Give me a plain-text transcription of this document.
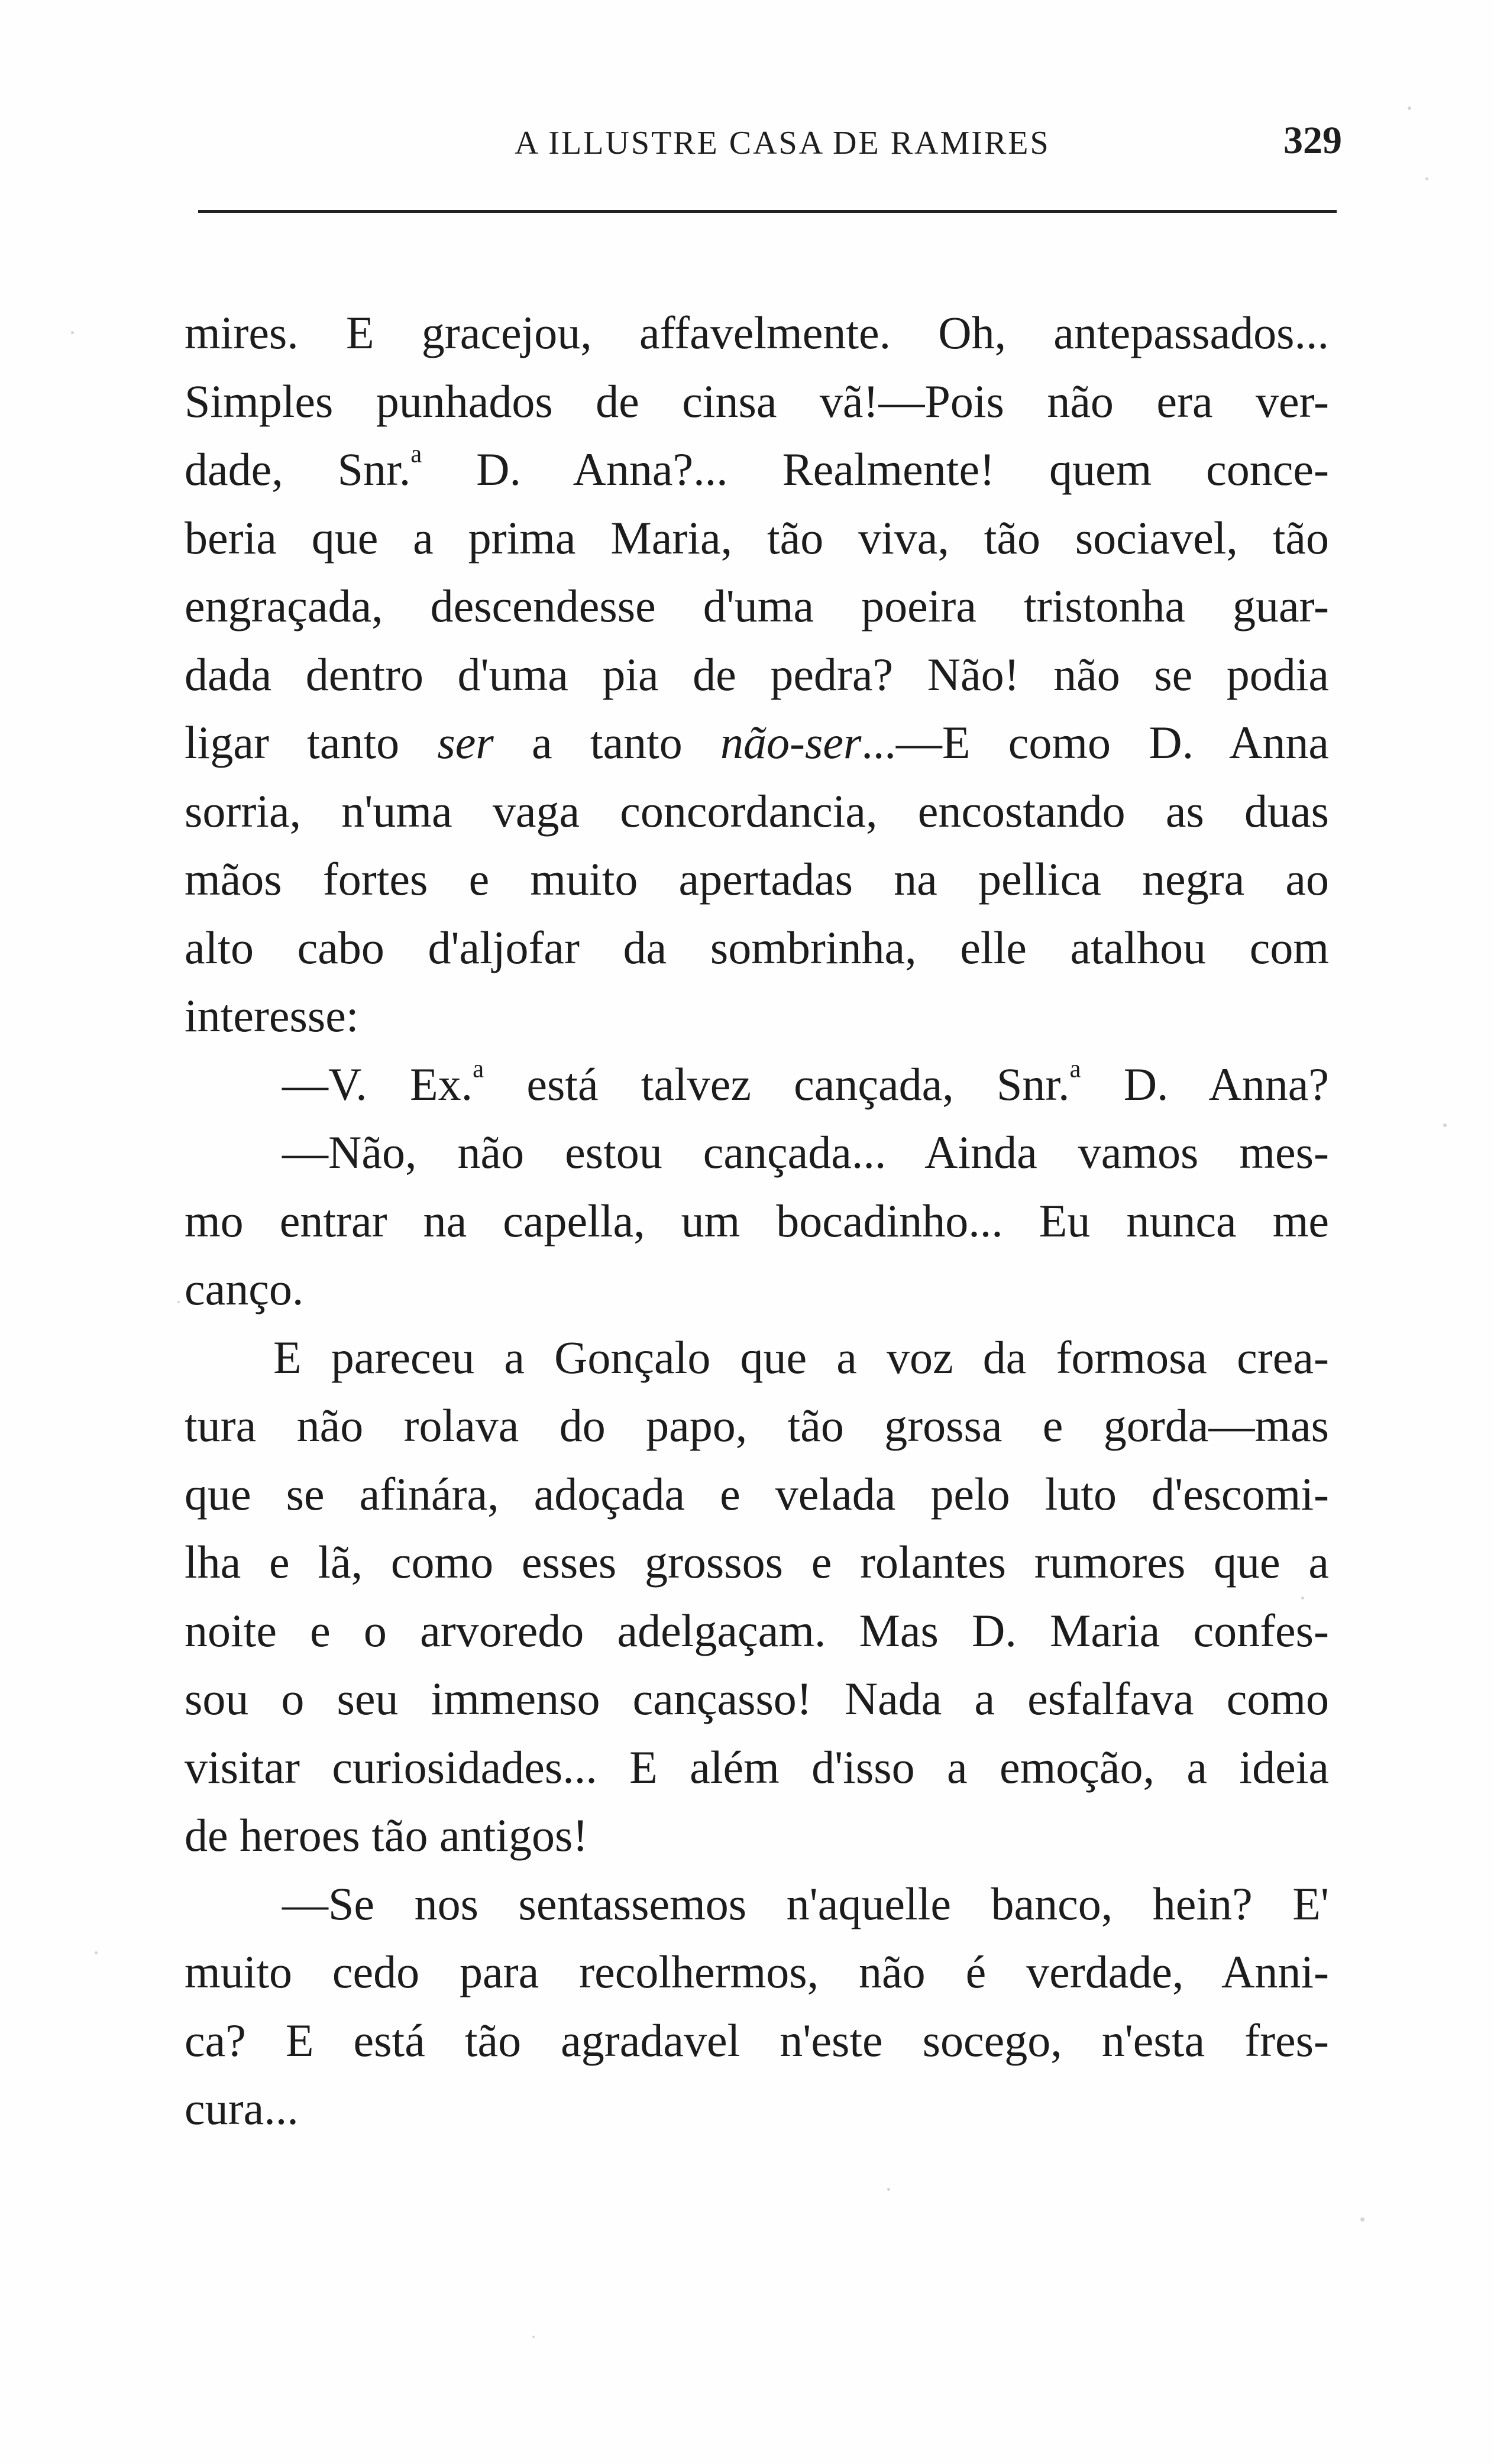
A ILLUSTRE CASA DE RAMIRES	329
mires. E gracejou, affavelmente. Oh, antepassados...
Simples punhados de cinsa vã!—Pois não era ver-
dade, Snr.$^a$ D. Anna?... Realmente! quem conce-
beria que a prima Maria, tão viva, tão sociavel, tão
engraçada, descendesse d'uma poeira tristonha guar-
dada dentro d'uma pia de pedra? Não! não se podia
ligar tanto ser a tanto não-ser...—E como D. Anna
sorria, n'uma vaga concordancia, encostando as duas
mãos fortes e muito apertadas na pellica negra ao
alto cabo d'aljofar da sombrinha, elle atalhou com
interesse:
—V. Ex.$^a$ está talvez cançada, Snr.$^a$ D. Anna?
—Não, não estou cançada... Ainda vamos mes-
mo entrar na capella, um bocadinho... Eu nunca me
canço.
E pareceu a Gonçalo que a voz da formosa crea-
tura não rolava do papo, tão grossa e gorda—mas
que se afinára, adoçada e velada pelo luto d'escomi-
lha e lã, como esses grossos e rolantes rumores que a
noite e o arvoredo adelgaçam. Mas D. Maria confes-
sou o seu immenso cançasso! Nada a esfalfava como
visitar curiosidades... E além d'isso a emoção, a ideia
de heroes tão antigos!
—Se nos sentassemos n'aquelle banco, hein? E'
muito cedo para recolhermos, não é verdade, Anni-
ca? E está tão agradavel n'este socego, n'esta fres-
cura...
